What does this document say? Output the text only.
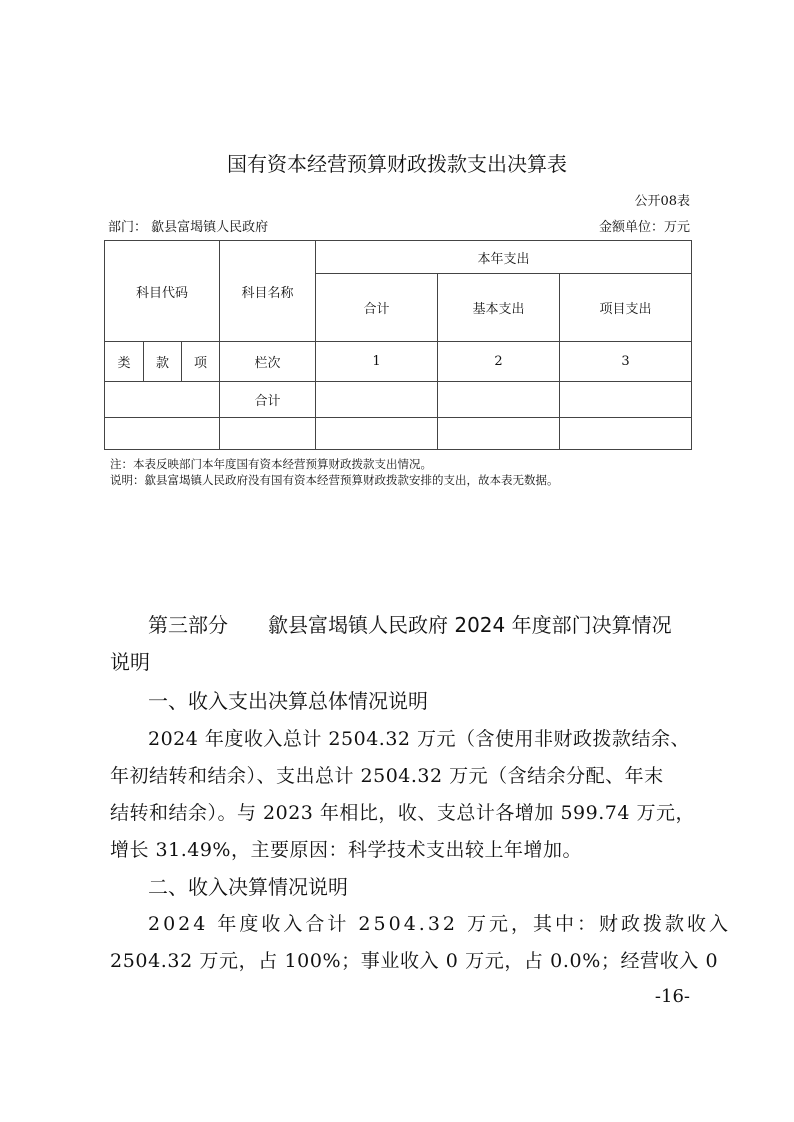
国有资本经营预算财政拨款支出决算表
公开08表
部门： 歙县富堨镇人民政府	金额单位：万元
科目代码			科目名称	本年支出		
				合计	基本支出	项目支出
类	款	项	栏次	1	2	3
			合计			

注：本表反映部门本年度国有资本经营预算财政拨款支出情况。
说明：歙县富堨镇人民政府没有国有资本经营预算财政拨款安排的支出，故本表无数据。
第三部分　　歙县富堨镇人民政府 2024 年度部门决算情况
说明
一、收入支出决算总体情况说明
2024 年度收入总计 2504.32 万元（含使用非财政拨款结余、
年初结转和结余）、支出总计 2504.32 万元（含结余分配、年末
结转和结余）。与 2023 年相比，收、支总计各增加 599.74 万元，
增长 31.49%，主要原因：科学技术支出较上年增加。
二、收入决算情况说明
2024 年度收入合计 2504.32 万元，其中：财政拨款收入
2504.32 万元，占 100%；事业收入 0 万元，占 0.0%；经营收入 0
-16-
